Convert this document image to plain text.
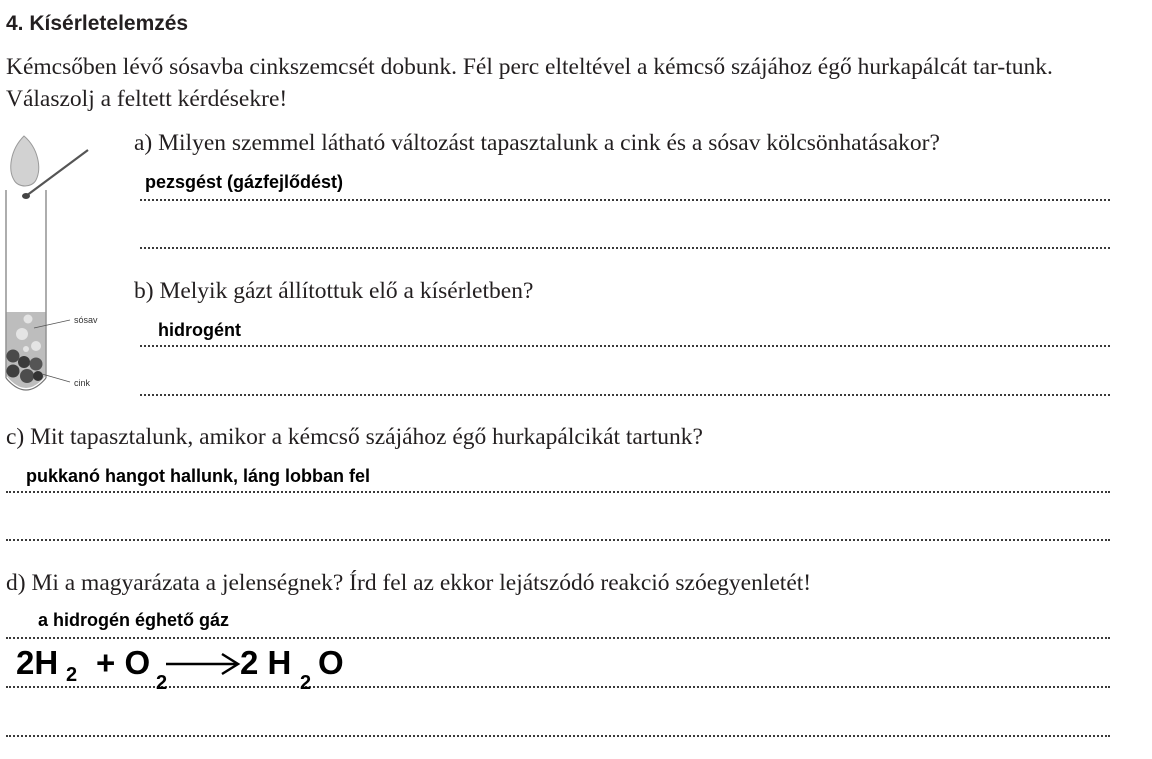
4. Kísérletelemzés
Kémcsőben lévő sósavba cinkszemcsét dobunk. Fél perc elteltével a kémcső szájához égő hurkapálcát tar-tunk. Válaszolj a feltett kérdésekre!
sósav
cink
a) Milyen szemmel látható változást tapasztalunk a cink és a sósav kölcsönhatásakor?
pezsgést (gázfejlődést)
b) Melyik gázt állítottuk elő a kísérletben?
hidrogént
c) Mit tapasztalunk, amikor a kémcső szájához égő hurkapálcikát tartunk?
pukkanó hangot hallunk, láng lobban fel
d) Mi a magyarázata a jelenségnek? Írd fel az ekkor lejátszódó reakció szóegyenletét!
a hidrogén éghető gáz
2H 2 + O
2
2 H
2
O
